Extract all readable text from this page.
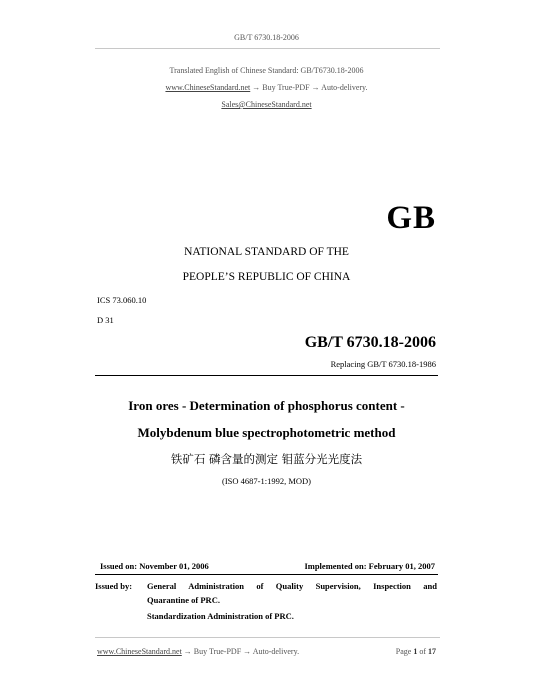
GB/T 6730.18-2006
Translated English of Chinese Standard: GB/T6730.18-2006
www.ChineseStandard.net → Buy True-PDF → Auto-delivery.
Sales@ChineseStandard.net
GB
NATIONAL STANDARD OF THE
PEOPLE’S REPUBLIC OF CHINA
ICS 73.060.10
D 31
GB/T 6730.18-2006
Replacing GB/T 6730.18-1986
Iron ores - Determination of phosphorus content -
Molybdenum blue spectrophotometric method
铁矿石 磷含量的测定 钼蓝分光光度法
(ISO 4687-1:1992, MOD)
Issued on: November 01, 2006	Implemented on: February 01, 2007
Issued by: General Administration of Quality Supervision, Inspection and
Quarantine of PRC.
Standardization Administration of PRC.
www.ChineseStandard.net → Buy True-PDF → Auto-delivery.	Page 1 of 17
